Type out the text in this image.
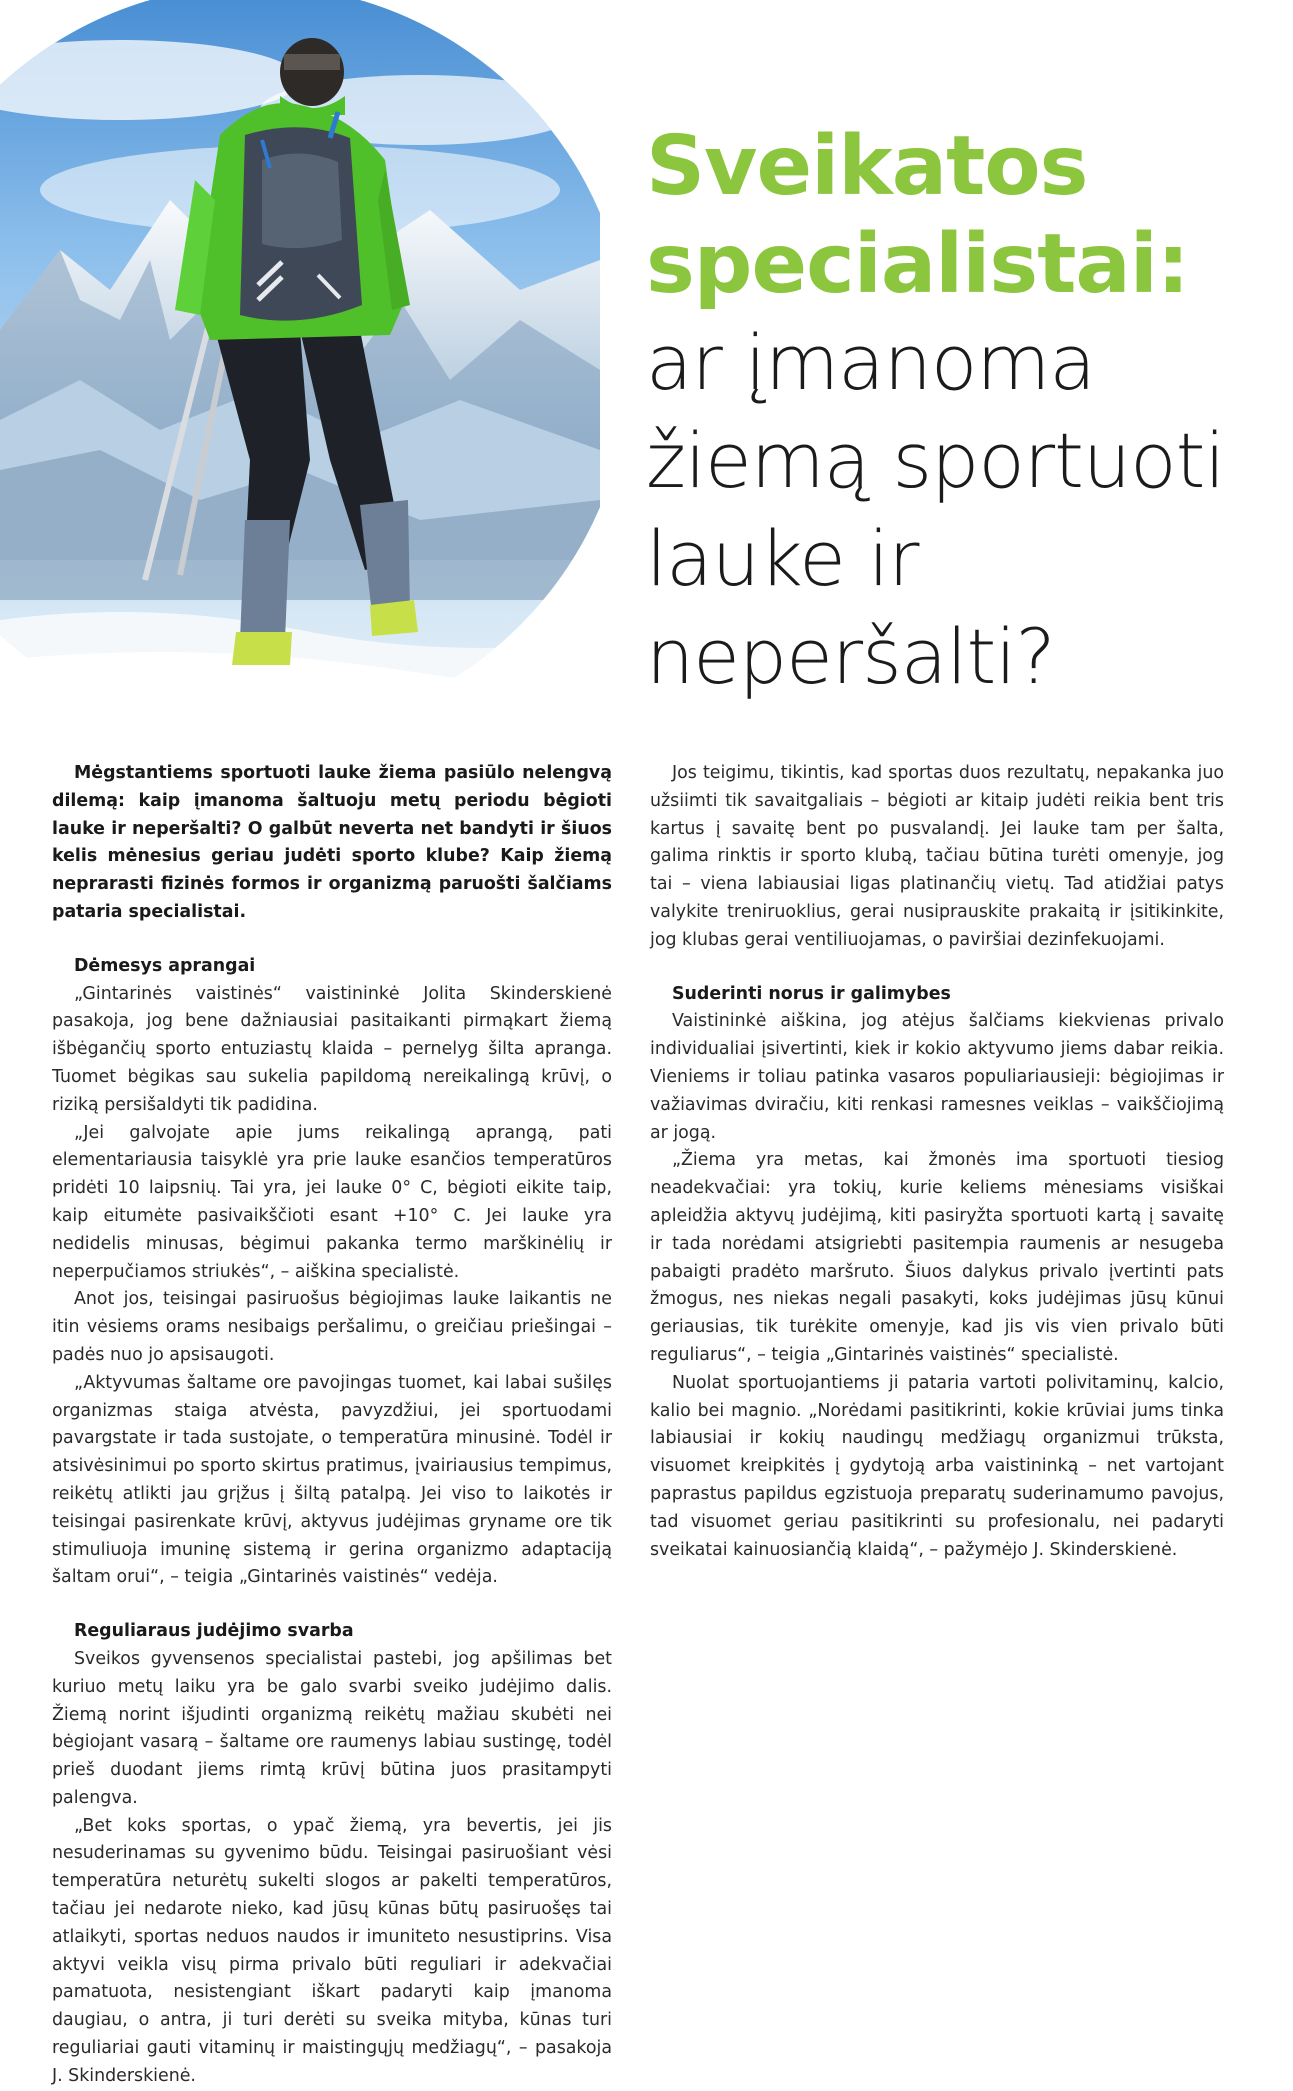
Sveikatos

specialistai:

ar įmanoma

žiemą sportuoti

lauke ir

neperšalti?

Mėgstantiems sportuoti lauke žiema pasiūlo nelengvą dilemą: kaip įmanoma šaltuoju metų periodu bėgioti lauke ir neperšalti? O galbūt neverta net bandyti ir šiuos kelis mėnesius geriau judėti sporto klube? Kaip žiemą neprarasti fizinės formos ir organizmą paruošti šalčiams pataria specialistai.

Dėmesys aprangai

„Gintarinės vaistinės“ vaistininkė Jolita Skinderskienė pasakoja, jog bene dažniausiai pasitaikanti pirmąkart žiemą išbėgančių sporto entuziastų klaida – pernelyg šilta apranga. Tuomet bėgikas sau sukelia papildomą nereikalingą krūvį, o riziką persišaldyti tik padidina.

„Jei galvojate apie jums reikalingą aprangą, pati elementariausia taisyklė yra prie lauke esančios temperatūros pridėti 10 laipsnių. Tai yra, jei lauke 0° C, bėgioti eikite taip, kaip eitumėte pasivaikščioti esant +10° C. Jei lauke yra nedidelis minusas, bėgimui pakanka termo marškinėlių ir neperpučiamos striukės“, – aiškina specialistė.

Anot jos, teisingai pasiruošus bėgiojimas lauke laikantis ne itin vėsiems orams nesibaigs peršalimu, o greičiau priešingai – padės nuo jo apsisaugoti.

„Aktyvumas šaltame ore pavojingas tuomet, kai labai sušilęs organizmas staiga atvėsta, pavyzdžiui, jei sportuodami pavargstate ir tada sustojate, o temperatūra minusinė. Todėl ir atsivėsinimui po sporto skirtus pratimus, įvairiausius tempimus, reikėtų atlikti jau grįžus į šiltą patalpą. Jei viso to laikotės ir teisingai pasirenkate krūvį, aktyvus judėjimas gryname ore tik stimuliuoja imuninę sistemą ir gerina organizmo adaptaciją šaltam orui“, – teigia „Gintarinės vaistinės“ vedėja.

Reguliaraus judėjimo svarba

Sveikos gyvensenos specialistai pastebi, jog apšilimas bet kuriuo metų laiku yra be galo svarbi sveiko judėjimo dalis. Žiemą norint išjudinti organizmą reikėtų mažiau skubėti nei bėgiojant vasarą – šaltame ore raumenys labiau sustingę, todėl prieš duodant jiems rimtą krūvį būtina juos prasitampyti palengva.

„Bet koks sportas, o ypač žiemą, yra bevertis, jei jis nesuderinamas su gyvenimo būdu. Teisingai pasiruošiant vėsi temperatūra neturėtų sukelti slogos ar pakelti temperatūros, tačiau jei nedarote nieko, kad jūsų kūnas būtų pasiruošęs tai atlaikyti, sportas neduos naudos ir imuniteto nesustiprins. Visa aktyvi veikla visų pirma privalo būti reguliari ir adekvačiai pamatuota, nesistengiant iškart padaryti kaip įmanoma daugiau, o antra, ji turi derėti su sveika mityba, kūnas turi reguliariai gauti vitaminų ir maistingųjų medžiagų“, – pasakoja J. Skinderskienė.

Jos teigimu, tikintis, kad sportas duos rezultatų, nepakanka juo užsiimti tik savaitgaliais – bėgioti ar kitaip judėti reikia bent tris kartus į savaitę bent po pusvalandį. Jei lauke tam per šalta, galima rinktis ir sporto klubą, tačiau būtina turėti omenyje, jog tai – viena labiausiai ligas platinančių vietų. Tad atidžiai patys valykite treniruoklius, gerai nusiprauskite prakaitą ir įsitikinkite, jog klubas gerai ventiliuojamas, o paviršiai dezinfekuojami.

Suderinti norus ir galimybes

Vaistininkė aiškina, jog atėjus šalčiams kiekvienas privalo individualiai įsivertinti, kiek ir kokio aktyvumo jiems dabar reikia. Vieniems ir toliau patinka vasaros populiariausieji: bėgiojimas ir važiavimas dviračiu, kiti renkasi ramesnes veiklas – vaikščiojimą ar jogą.

„Žiema yra metas, kai žmonės ima sportuoti tiesiog neadekvačiai: yra tokių, kurie keliems mėnesiams visiškai apleidžia aktyvų judėjimą, kiti pasiryžta sportuoti kartą į savaitę ir tada norėdami atsigriebti pasitempia raumenis ar nesugeba pabaigti pradėto maršruto. Šiuos dalykus privalo įvertinti pats žmogus, nes niekas negali pasakyti, koks judėjimas jūsų kūnui geriausias, tik turėkite omenyje, kad jis vis vien privalo būti reguliarus“, – teigia „Gintarinės vaistinės“ specialistė.

Nuolat sportuojantiems ji pataria vartoti polivitaminų, kalcio, kalio bei magnio. „Norėdami pasitikrinti, kokie krūviai jums tinka labiausiai ir kokių naudingų medžiagų organizmui trūksta, visuomet kreipkitės į gydytoją arba vaistininką – net vartojant paprastus papildus egzistuoja preparatų suderinamumo pavojus, tad visuomet geriau pasitikrinti su profesionalu, nei padaryti sveikatai kainuosiančią klaidą“, – pažymėjo J. Skinderskienė.
